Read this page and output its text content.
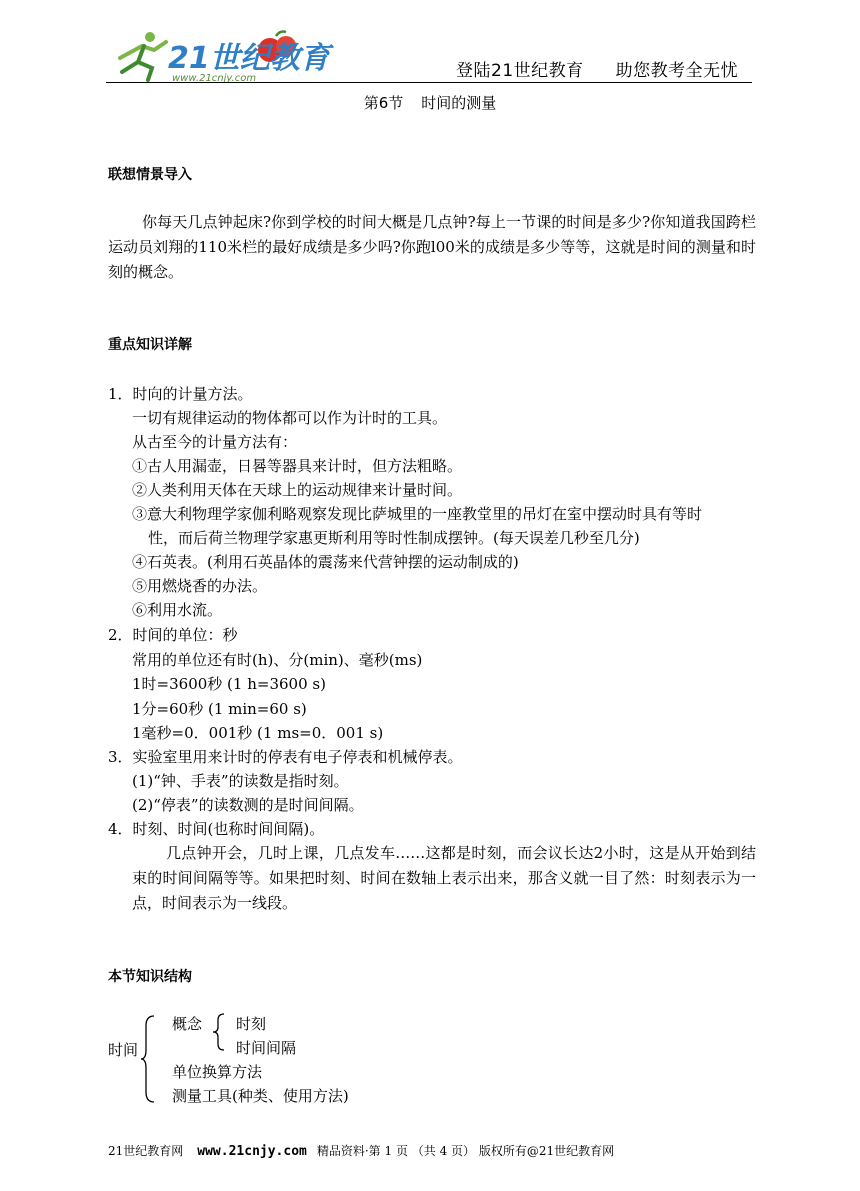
21世纪教育
www.21cnjy.com	登陆21世纪教育 助您教考全无忧
第6节 时间的测量
联想情景导入
你每天几点钟起床?你到学校的时间大概是几点钟?每上一节课的时间是多少?你知道我国跨栏运动员刘翔的110米栏的最好成绩是多少吗?你跑l00米的成绩是多少等等，这就是时间的测量和时刻的概念。
重点知识详解
1．时向的计量方法。
一切有规律运动的物体都可以作为计时的工具。
从古至今的计量方法有：
①古人用漏壶，日晷等器具来计时，但方法粗略。
②人类利用天体在天球上的运动规律来计量时间。
③意大利物理学家伽利略观察发现比萨城里的一座教堂里的吊灯在室中摆动时具有等时
性，而后荷兰物理学家惠更斯利用等时性制成摆钟。(每天误差几秒至几分)
④石英表。(利用石英晶体的震荡来代营钟摆的运动制成的)
⑤用燃烧香的办法。
⑥利用水流。
2．时间的单位：秒
常用的单位还有时(h)、分(min)、毫秒(ms)
1时=3600秒 (1 h=3600 s)
1分=60秒 (1 min=60 s)
1毫秒=0．001秒 (1 ms=0．001 s)
3．实验室里用来计时的停表有电子停表和机械停表。
(1)“钟、手表”的读数是指时刻。
(2)“停表”的读数测的是时间间隔。
4．时刻、时间(也称时间间隔)。
几点钟开会，几时上课，几点发车……这都是时刻，而会议长达2小时，这是从开始到结束的时间间隔等等。如果把时刻、时间在数轴上表示出来，那含义就一目了然：时刻表示为一点，时间表示为一线段。
本节知识结构
时间
概念 时刻
时间间隔
单位换算方法
测量工具(种类、使用方法)
21世纪教育网 www.21cnjy.com 精品资料·第 1 页 （共 4 页） 版权所有@21世纪教育网
